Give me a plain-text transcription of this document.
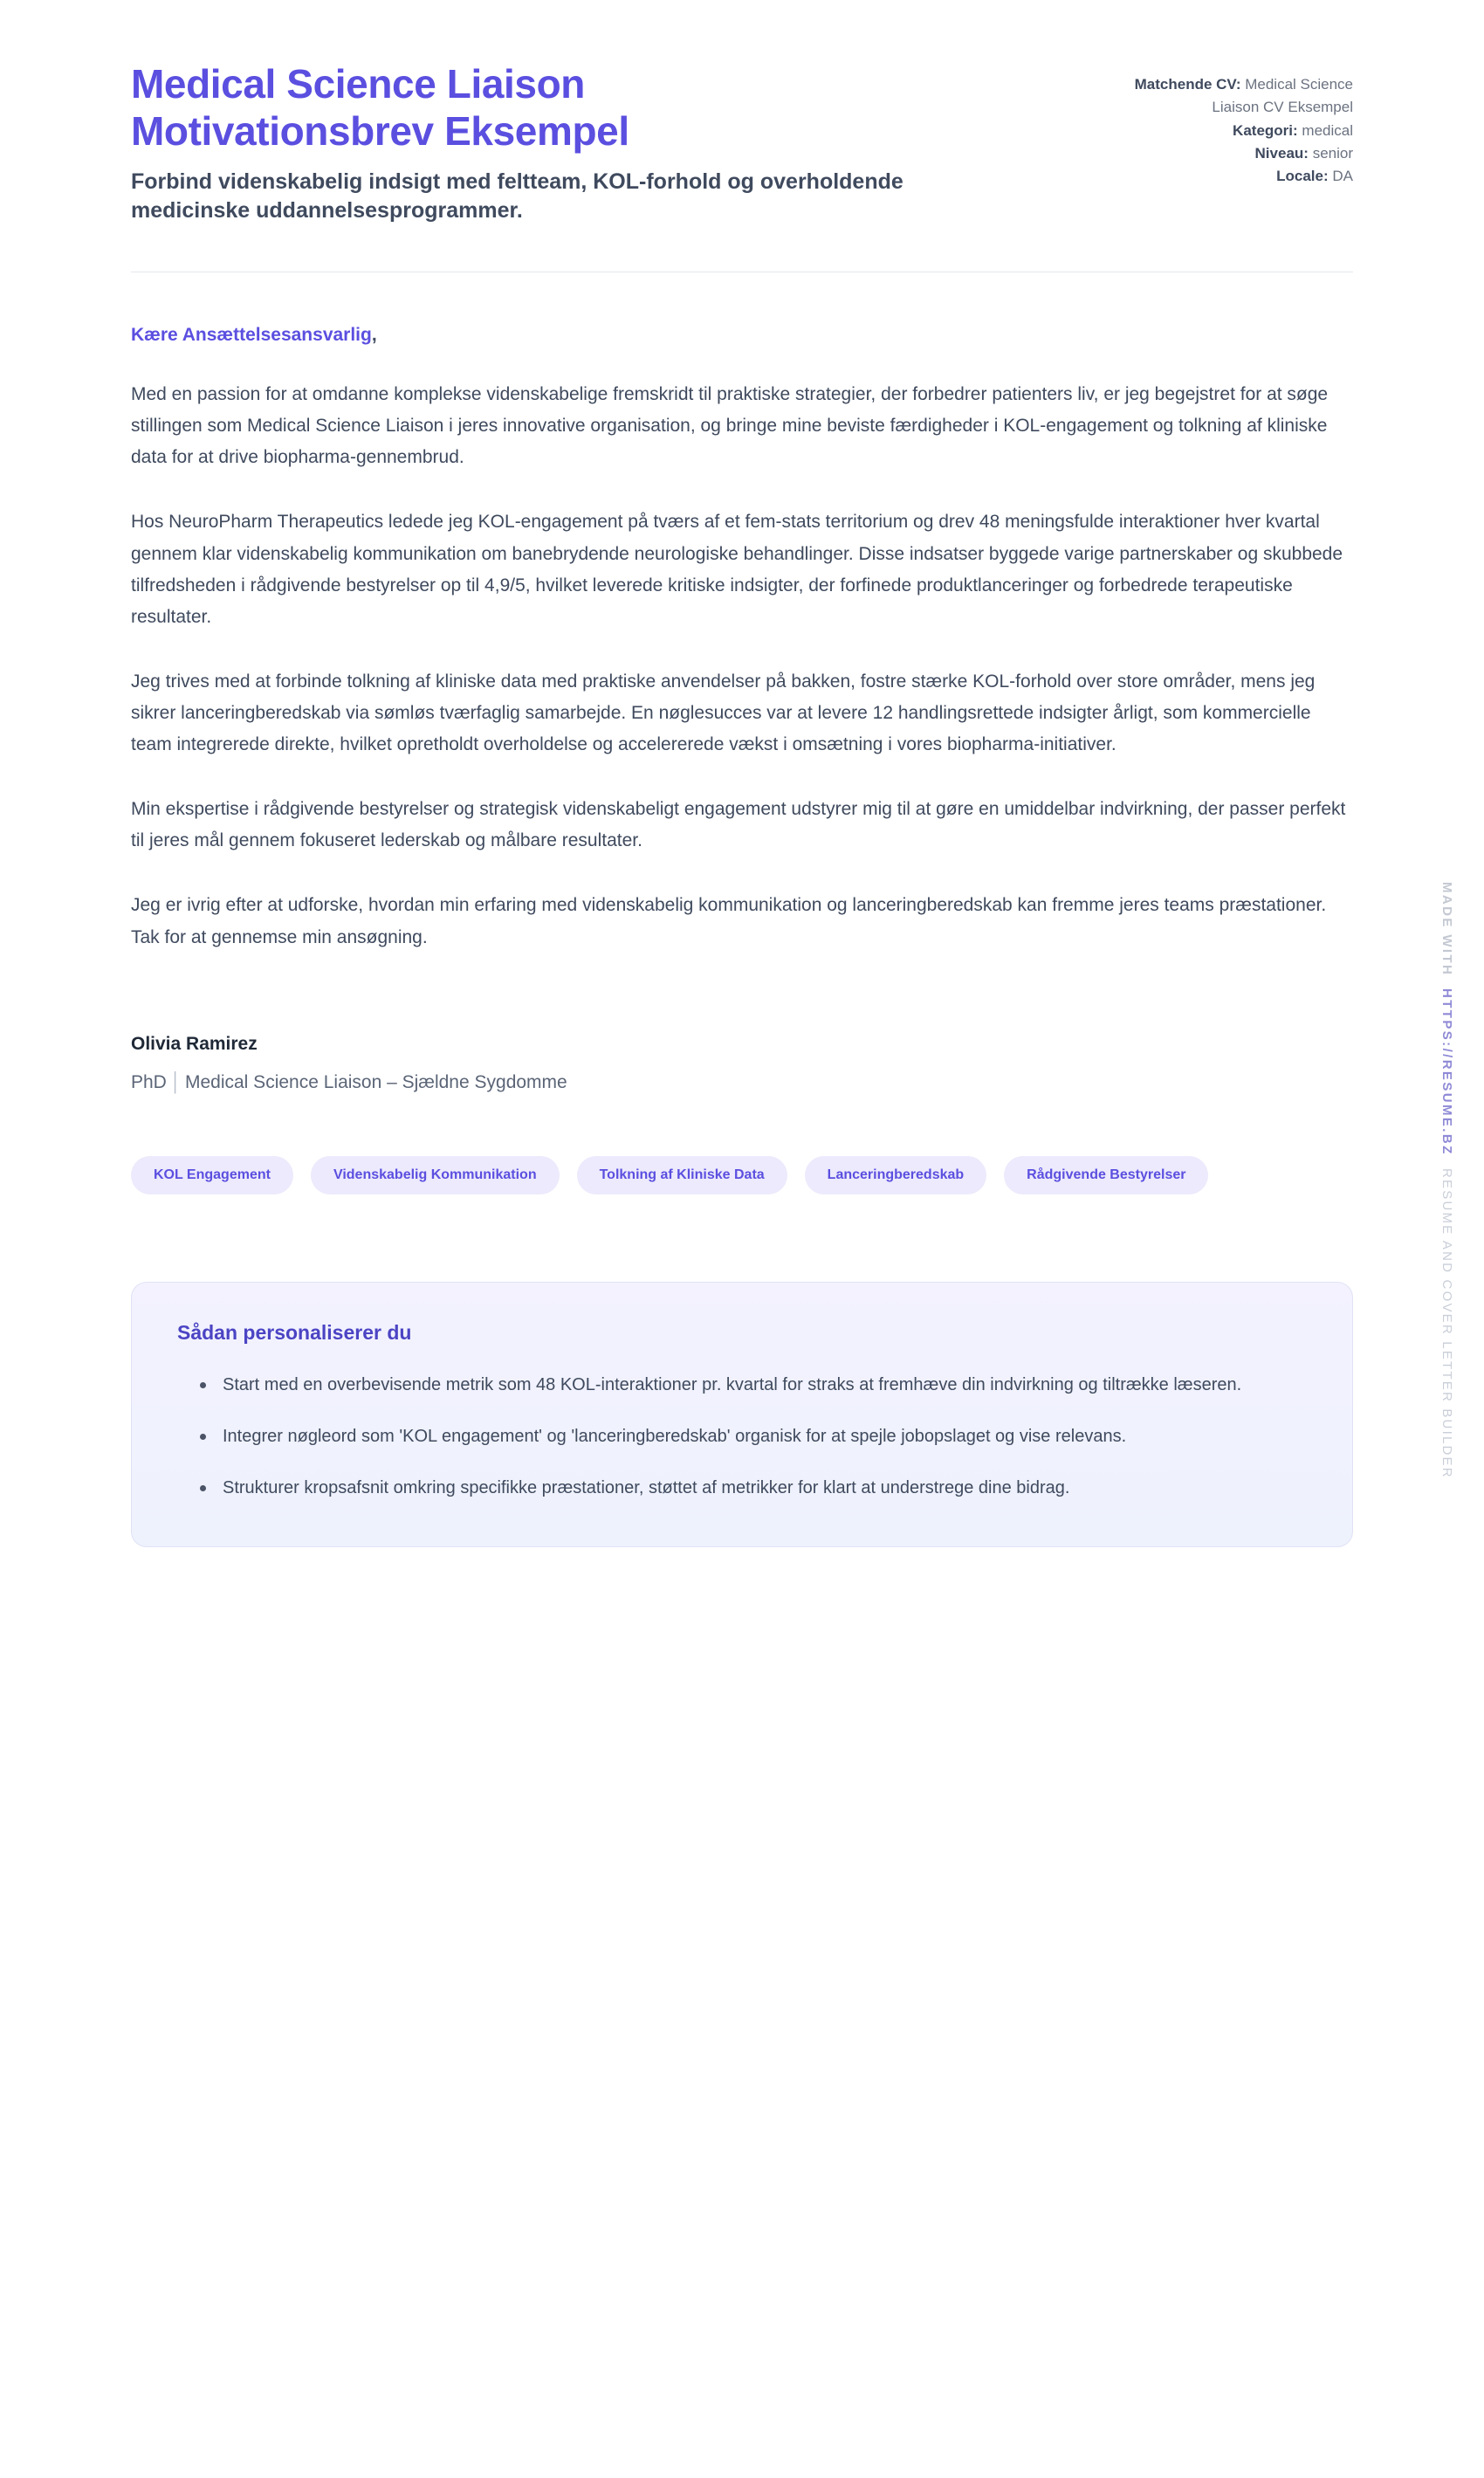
Medical Science Liaison Motivationsbrev Eksempel

Forbind videnskabelig indsigt med feltteam, KOL-forhold og overholdende medicinske uddannelsesprogrammer.

Matchende CV: Medical Science Liaison CV Eksempel
Kategori: medical
Niveau: senior
Locale: DA

Kære Ansættelsesansvarlig,

Med en passion for at omdanne komplekse videnskabelige fremskridt til praktiske strategier, der forbedrer patienters liv, er jeg begejstret for at søge stillingen som Medical Science Liaison i jeres innovative organisation, og bringe mine beviste færdigheder i KOL-engagement og tolkning af kliniske data for at drive biopharma-gennembrud.

Hos NeuroPharm Therapeutics ledede jeg KOL-engagement på tværs af et fem-stats territorium og drev 48 meningsfulde interaktioner hver kvartal gennem klar videnskabelig kommunikation om banebrydende neurologiske behandlinger. Disse indsatser byggede varige partnerskaber og skubbede tilfredsheden i rådgivende bestyrelser op til 4,9/5, hvilket leverede kritiske indsigter, der forfinede produktlanceringer og forbedrede terapeutiske resultater.

Jeg trives med at forbinde tolkning af kliniske data med praktiske anvendelser på bakken, fostre stærke KOL-forhold over store områder, mens jeg sikrer lanceringberedskab via sømløs tværfaglig samarbejde. En nøglesucces var at levere 12 handlingsrettede indsigter årligt, som kommercielle team integrerede direkte, hvilket opretholdt overholdelse og accelererede vækst i omsætning i vores biopharma-initiativer.

Min ekspertise i rådgivende bestyrelser og strategisk videnskabeligt engagement udstyrer mig til at gøre en umiddelbar indvirkning, der passer perfekt til jeres mål gennem fokuseret lederskab og målbare resultater.

Jeg er ivrig efter at udforske, hvordan min erfaring med videnskabelig kommunikation og lanceringberedskab kan fremme jeres teams præstationer. Tak for at gennemse min ansøgning.

Olivia Ramirez

PhD │ Medical Science Liaison – Sjældne Sygdomme

KOL Engagement	Videnskabelig Kommunikation	Tolkning af Kliniske Data	Lanceringberedskab	Rådgivende Bestyrelser
Sådan personaliserer du
Start med en overbevisende metrik som 48 KOL-interaktioner pr. kvartal for straks at fremhæve din indvirkning og tiltrække læseren.
Integrer nøgleord som 'KOL engagement' og 'lanceringberedskab' organisk for at spejle jobopslaget og vise relevans.
Strukturer kropsafsnit omkring specifikke præstationer, støttet af metrikker for klart at understrege dine bidrag.
MADE WITH
HTTPS://RESUME.BZ
RESUME AND COVER LETTER BUILDER
